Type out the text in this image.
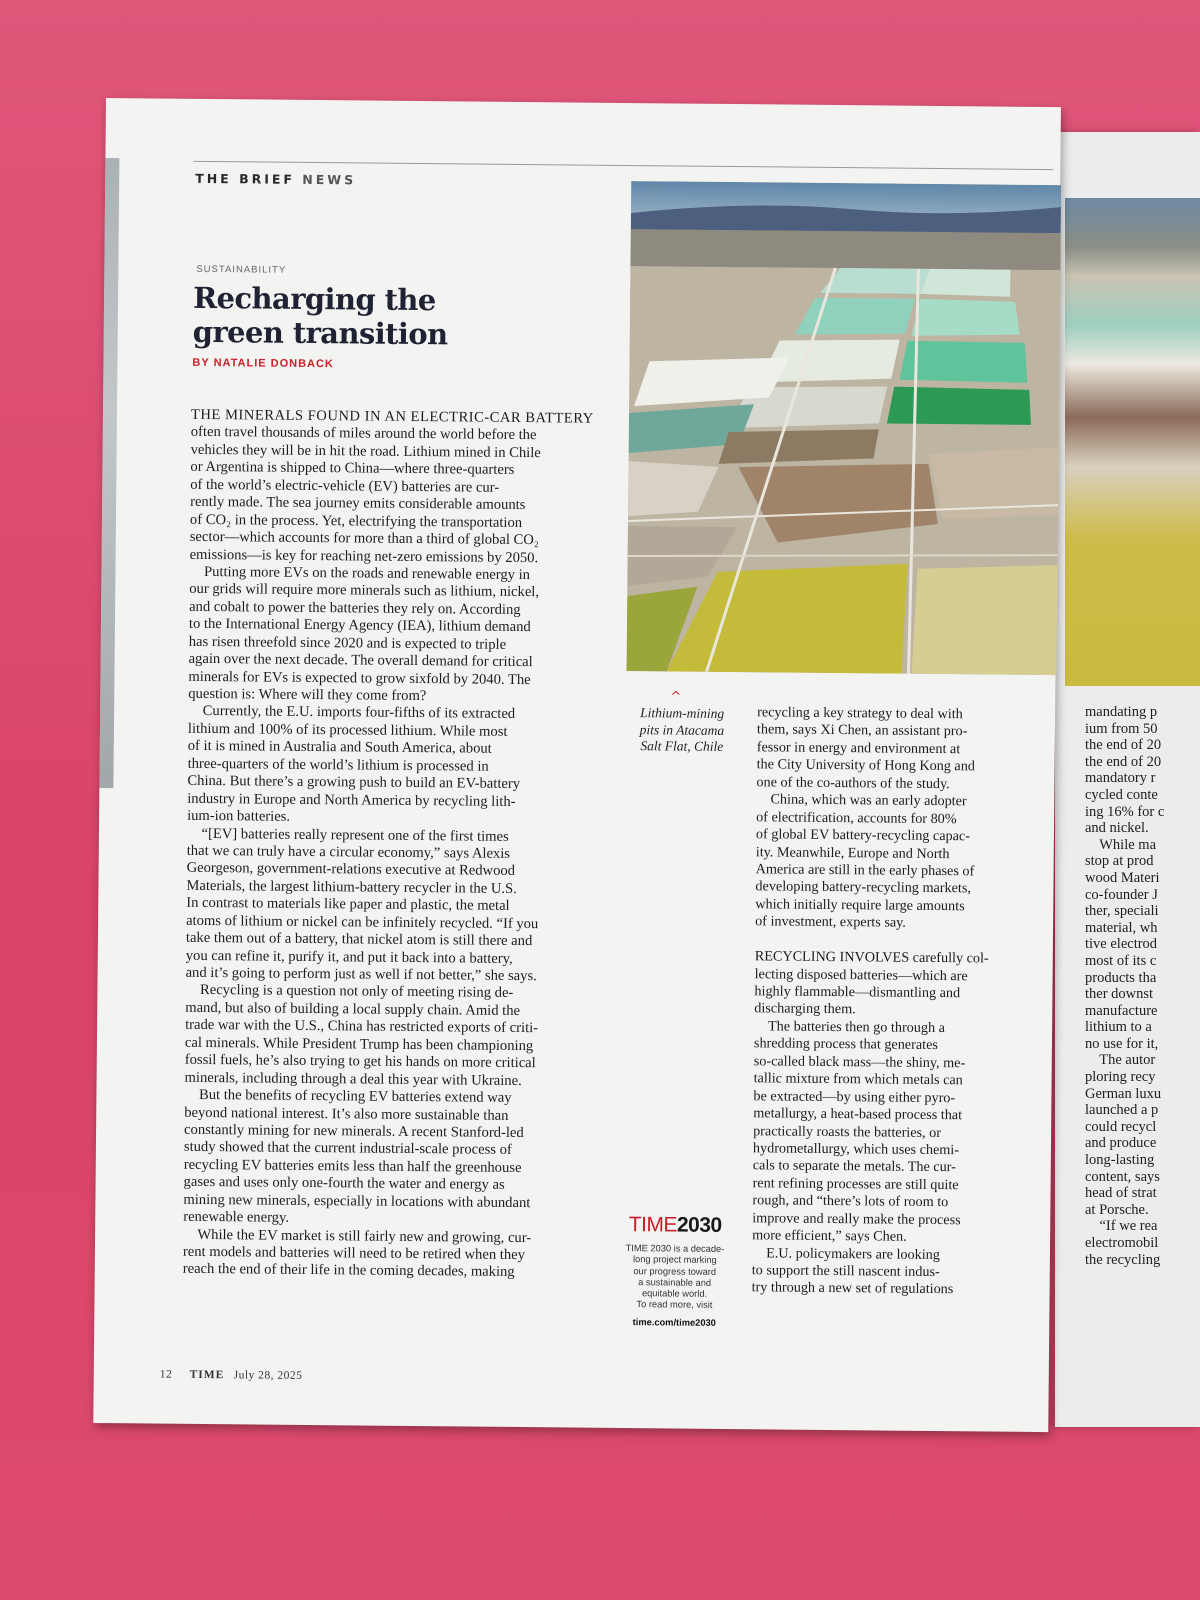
mandating p
ium from 50
the end of 20
the end of 20
mandatory r
cycled conte
ing 16% for c
and nickel.
While ma
stop at prod
wood Materi
co-founder J
ther, speciali
material, wh
tive electrod
most of its c
products tha
ther downst
manufacture
lithium to a
no use for it,
The autor
ploring recy
German luxu
launched a p
could recycl
and produce
long-lasting
content, says
head of strat
at Porsche.
“If we rea
electromobil
the recycling
THE BRIEF NEWS
SUSTAINABILITY
Recharging the
green transition
BY NATALIE DONBACK
THE MINERALS FOUND IN AN ELECTRIC-CAR BATTERY
often travel thousands of miles around the world before the
vehicles they will be in hit the road. Lithium mined in Chile
or Argentina is shipped to China—where three-quarters
of the world’s electric-vehicle (EV) batteries are cur-
rently made. The sea journey emits considerable amounts
of CO₂ in the process. Yet, electrifying the transportation
sector—which accounts for more than a third of global CO₂
emissions—is key for reaching net-zero emissions by 2050.
Putting more EVs on the roads and renewable energy in
our grids will require more minerals such as lithium, nickel,
and cobalt to power the batteries they rely on. According
to the International Energy Agency (IEA), lithium demand
has risen threefold since 2020 and is expected to triple
again over the next decade. The overall demand for critical
minerals for EVs is expected to grow sixfold by 2040. The
question is: Where will they come from?
Currently, the E.U. imports four-fifths of its extracted
lithium and 100% of its processed lithium. While most
of it is mined in Australia and South America, about
three-quarters of the world’s lithium is processed in
China. But there’s a growing push to build an EV-battery
industry in Europe and North America by recycling lith-
ium-ion batteries.
“[EV] batteries really represent one of the first times
that we can truly have a circular economy,” says Alexis
Georgeson, government-relations executive at Redwood
Materials, the largest lithium-battery recycler in the U.S.
In contrast to materials like paper and plastic, the metal
atoms of lithium or nickel can be infinitely recycled. “If you
take them out of a battery, that nickel atom is still there and
you can refine it, purify it, and put it back into a battery,
and it’s going to perform just as well if not better,” she says.
Recycling is a question not only of meeting rising de-
mand, but also of building a local supply chain. Amid the
trade war with the U.S., China has restricted exports of criti-
cal minerals. While President Trump has been championing
fossil fuels, he’s also trying to get his hands on more critical
minerals, including through a deal this year with Ukraine.
But the benefits of recycling EV batteries extend way
beyond national interest. It’s also more sustainable than
constantly mining for new minerals. A recent Stanford-led
study showed that the current industrial-scale process of
recycling EV batteries emits less than half the greenhouse
gases and uses only one-fourth the water and energy as
mining new minerals, especially in locations with abundant
renewable energy.
While the EV market is still fairly new and growing, cur-
rent models and batteries will need to be retired when they
reach the end of their life in the coming decades, making
^
Lithium-mining
pits in Atacama
Salt Flat, Chile
recycling a key strategy to deal with
them, says Xi Chen, an assistant pro-
fessor in energy and environment at
the City University of Hong Kong and
one of the co-authors of the study.
China, which was an early adopter
of electrification, accounts for 80%
of global EV battery-recycling capac-
ity. Meanwhile, Europe and North
America are still in the early phases of
developing battery-recycling markets,
which initially require large amounts
of investment, experts say.
RECYCLING INVOLVES carefully col-
lecting disposed batteries—which are
highly flammable—dismantling and
discharging them.
The batteries then go through a
shredding process that generates
so-called black mass—the shiny, me-
tallic mixture from which metals can
be extracted—by using either pyro-
metallurgy, a heat-based process that
practically roasts the batteries, or
hydrometallurgy, which uses chemi-
cals to separate the metals. The cur-
rent refining processes are still quite
rough, and “there’s lots of room to
improve and really make the process
more efficient,” says Chen.
E.U. policymakers are looking
to support the still nascent indus-
try through a new set of regulations
TIME2030
TIME 2030 is a decade-
long project marking
our progress toward
a sustainable and
equitable world.
To read more, visit
time.com/time2030
12 TIME July 28, 2025
